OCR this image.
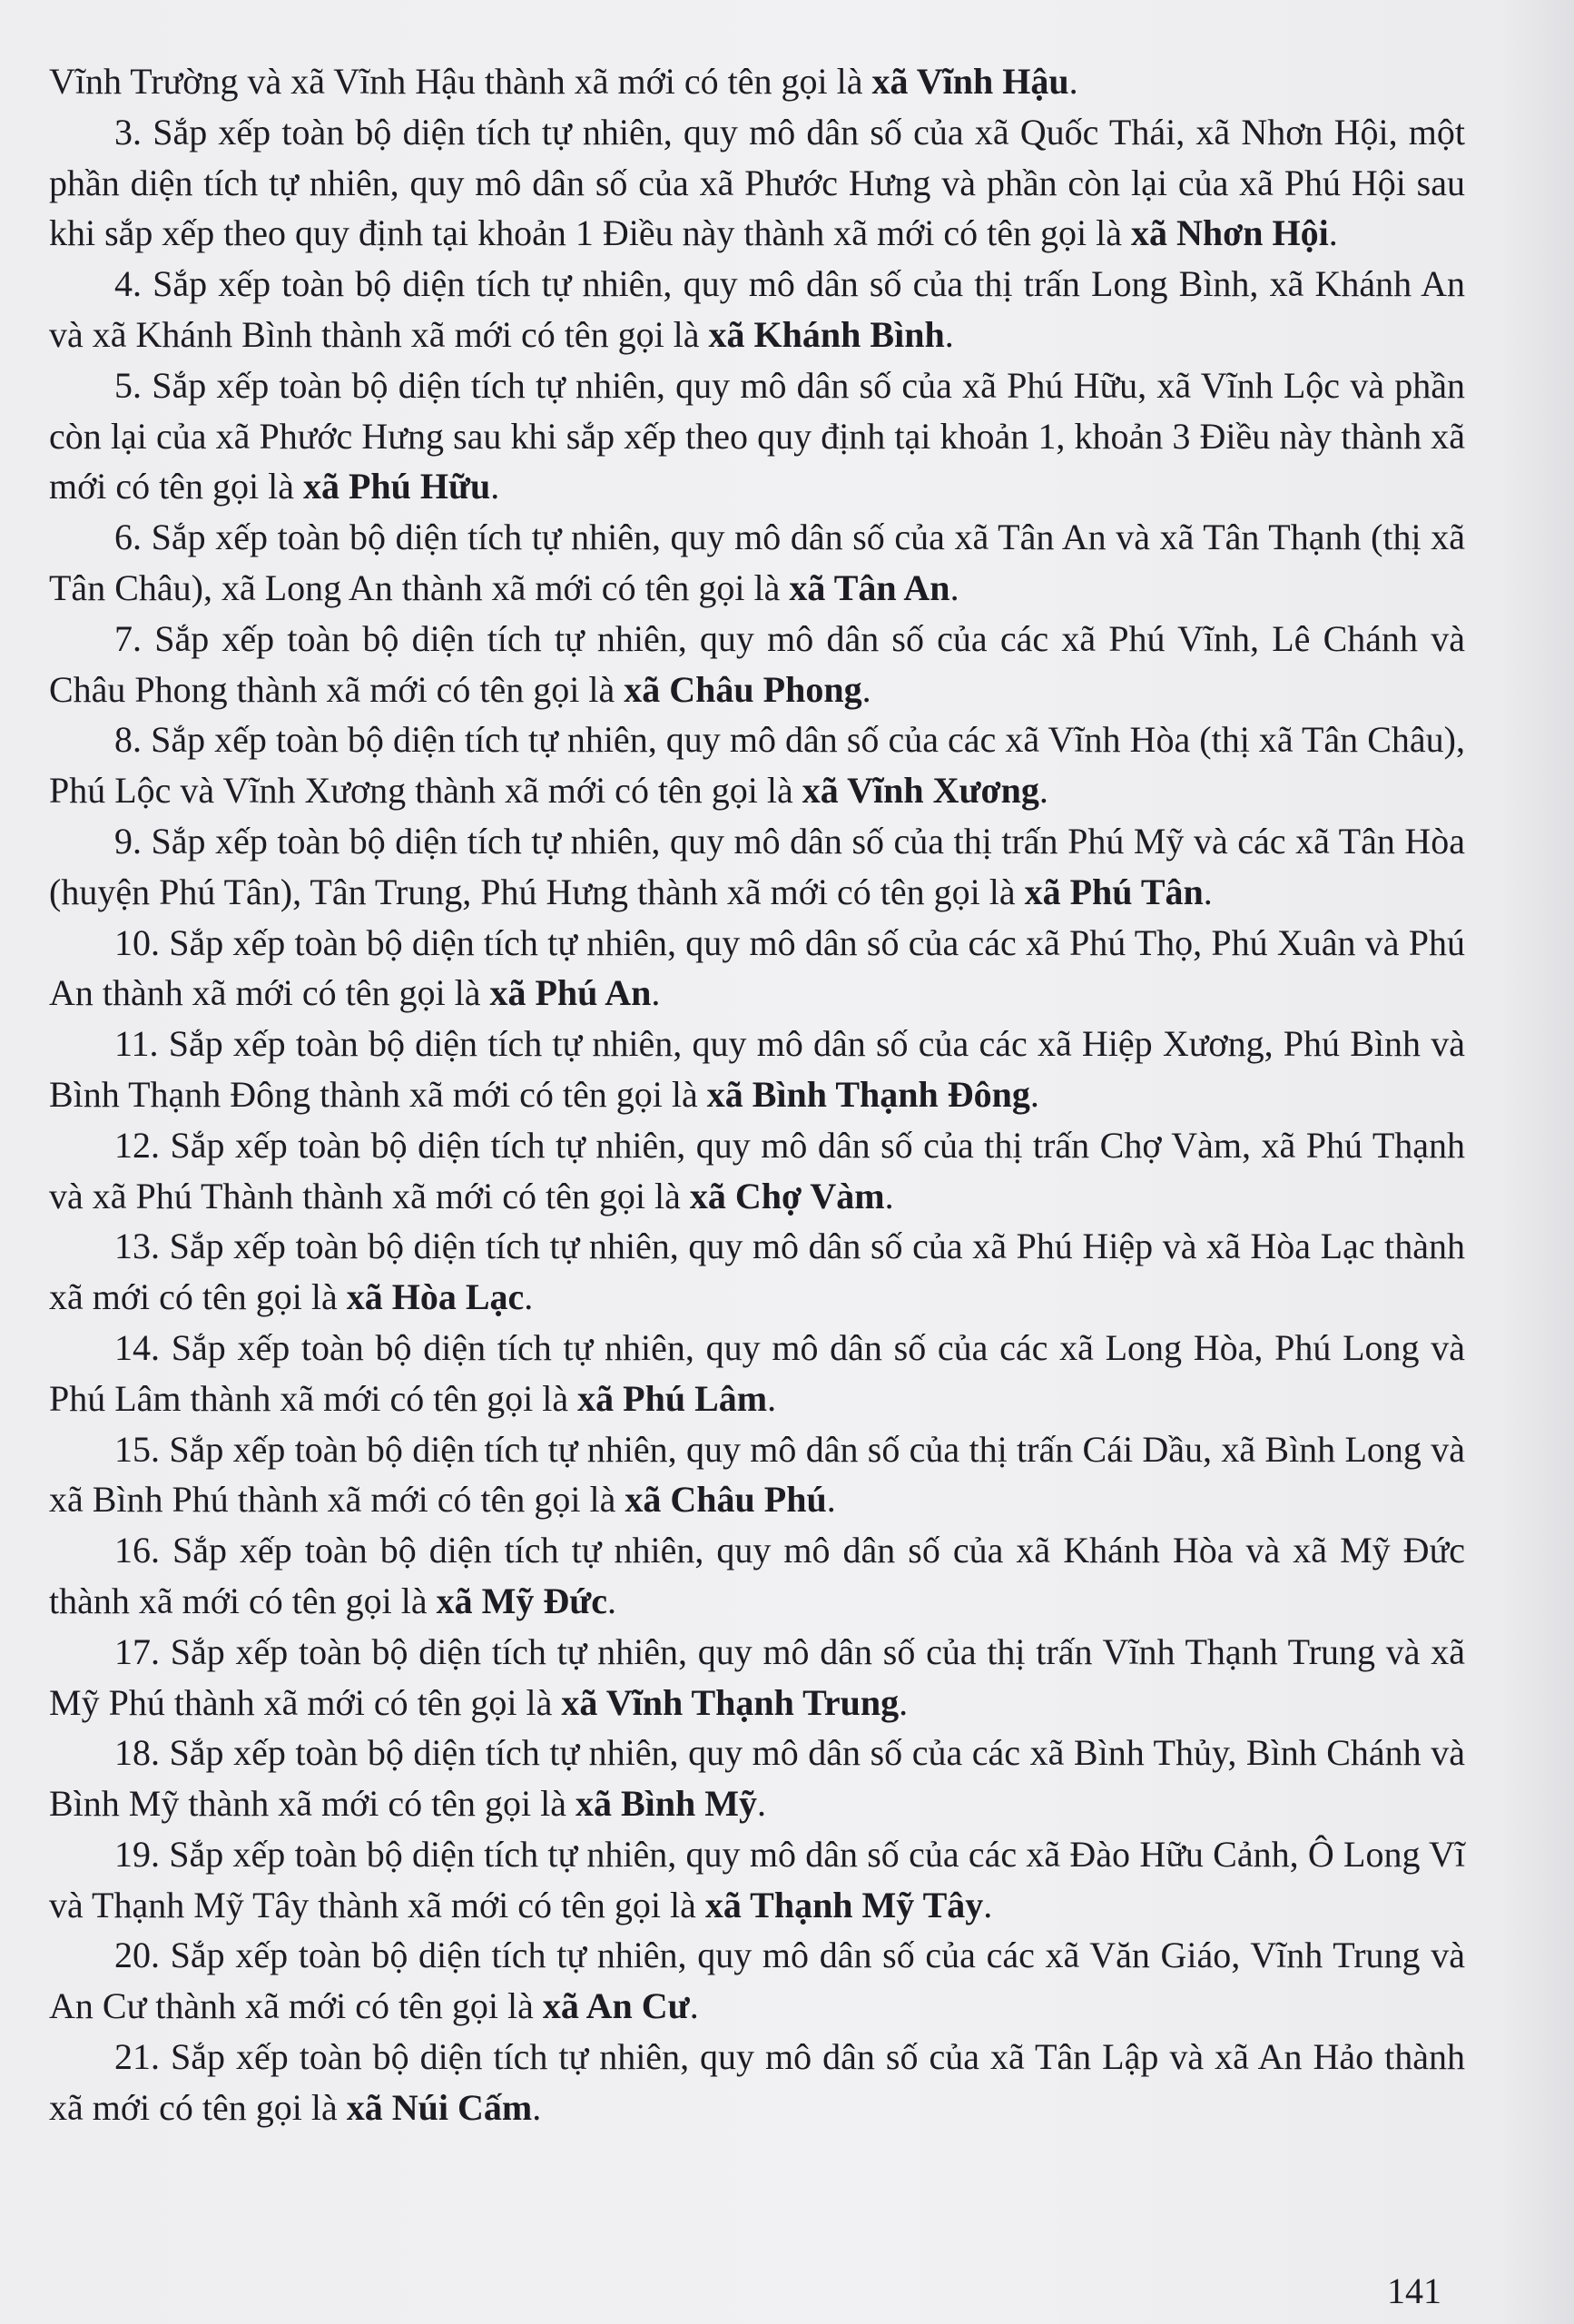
Vĩnh Trường và xã Vĩnh Hậu thành xã mới có tên gọi là xã Vĩnh Hậu.

3. Sắp xếp toàn bộ diện tích tự nhiên, quy mô dân số của xã Quốc Thái, xã Nhơn Hội, một phần diện tích tự nhiên, quy mô dân số của xã Phước Hưng và phần còn lại của xã Phú Hội sau khi sắp xếp theo quy định tại khoản 1 Điều này thành xã mới có tên gọi là xã Nhơn Hội.

4. Sắp xếp toàn bộ diện tích tự nhiên, quy mô dân số của thị trấn Long Bình, xã Khánh An và xã Khánh Bình thành xã mới có tên gọi là xã Khánh Bình.

5. Sắp xếp toàn bộ diện tích tự nhiên, quy mô dân số của xã Phú Hữu, xã Vĩnh Lộc và phần còn lại của xã Phước Hưng sau khi sắp xếp theo quy định tại khoản 1, khoản 3 Điều này thành xã mới có tên gọi là xã Phú Hữu.

6. Sắp xếp toàn bộ diện tích tự nhiên, quy mô dân số của xã Tân An và xã Tân Thạnh (thị xã Tân Châu), xã Long An thành xã mới có tên gọi là xã Tân An.

7. Sắp xếp toàn bộ diện tích tự nhiên, quy mô dân số của các xã Phú Vĩnh, Lê Chánh và Châu Phong thành xã mới có tên gọi là xã Châu Phong.

8. Sắp xếp toàn bộ diện tích tự nhiên, quy mô dân số của các xã Vĩnh Hòa (thị xã Tân Châu), Phú Lộc và Vĩnh Xương thành xã mới có tên gọi là xã Vĩnh Xương.

9. Sắp xếp toàn bộ diện tích tự nhiên, quy mô dân số của thị trấn Phú Mỹ và các xã Tân Hòa (huyện Phú Tân), Tân Trung, Phú Hưng thành xã mới có tên gọi là xã Phú Tân.

10. Sắp xếp toàn bộ diện tích tự nhiên, quy mô dân số của các xã Phú Thọ, Phú Xuân và Phú An thành xã mới có tên gọi là xã Phú An.

11. Sắp xếp toàn bộ diện tích tự nhiên, quy mô dân số của các xã Hiệp Xương, Phú Bình và Bình Thạnh Đông thành xã mới có tên gọi là xã Bình Thạnh Đông.

12. Sắp xếp toàn bộ diện tích tự nhiên, quy mô dân số của thị trấn Chợ Vàm, xã Phú Thạnh và xã Phú Thành thành xã mới có tên gọi là xã Chợ Vàm.

13. Sắp xếp toàn bộ diện tích tự nhiên, quy mô dân số của xã Phú Hiệp và xã Hòa Lạc thành xã mới có tên gọi là xã Hòa Lạc.

14. Sắp xếp toàn bộ diện tích tự nhiên, quy mô dân số của các xã Long Hòa, Phú Long và Phú Lâm thành xã mới có tên gọi là xã Phú Lâm.

15. Sắp xếp toàn bộ diện tích tự nhiên, quy mô dân số của thị trấn Cái Dầu, xã Bình Long và xã Bình Phú thành xã mới có tên gọi là xã Châu Phú.

16. Sắp xếp toàn bộ diện tích tự nhiên, quy mô dân số của xã Khánh Hòa và xã Mỹ Đức thành xã mới có tên gọi là xã Mỹ Đức.

17. Sắp xếp toàn bộ diện tích tự nhiên, quy mô dân số của thị trấn Vĩnh Thạnh Trung và xã Mỹ Phú thành xã mới có tên gọi là xã Vĩnh Thạnh Trung.

18. Sắp xếp toàn bộ diện tích tự nhiên, quy mô dân số của các xã Bình Thủy, Bình Chánh và Bình Mỹ thành xã mới có tên gọi là xã Bình Mỹ.

19. Sắp xếp toàn bộ diện tích tự nhiên, quy mô dân số của các xã Đào Hữu Cảnh, Ô Long Vĩ và Thạnh Mỹ Tây thành xã mới có tên gọi là xã Thạnh Mỹ Tây.

20. Sắp xếp toàn bộ diện tích tự nhiên, quy mô dân số của các xã Văn Giáo, Vĩnh Trung và An Cư thành xã mới có tên gọi là xã An Cư.

21. Sắp xếp toàn bộ diện tích tự nhiên, quy mô dân số của xã Tân Lập và xã An Hảo thành xã mới có tên gọi là xã Núi Cấm.

141
